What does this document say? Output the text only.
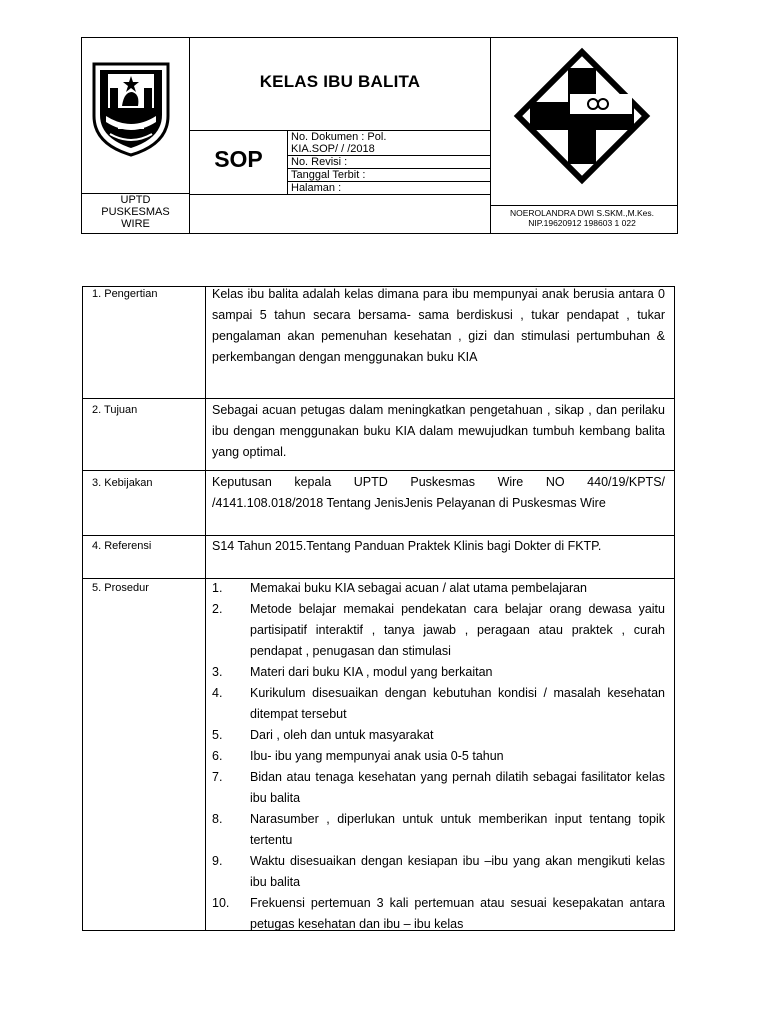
KELAS IBU BALITA
SOP
No. Dokumen : Pol.
KIA.SOP/ / /2018
No. Revisi :
Tanggal Terbit :
Halaman :
UPTD
PUSKESMAS
WIRE
NOEROLANDRA DWI S.SKM.,M.Kes.
NIP.19620912 198603 1 022
1. Pengertian	Kelas ibu balita adalah kelas dimana para ibu mempunyai anak berusia antara 0 sampai 5 tahun secara bersama- sama berdiskusi , tukar pendapat , tukar pengalaman akan pemenuhan kesehatan , gizi dan stimulasi pertumbuhan & perkembangan dengan menggunakan buku KIA

2. Tujuan	Sebagai acuan petugas dalam meningkatkan pengetahuan , sikap , dan perilaku ibu dengan menggunakan buku KIA dalam mewujudkan tumbuh kembang balita yang optimal.

3. Kebijakan	Keputusan kepala UPTD Puskesmas Wire NO 440/19/KPTS/ /4141.108.018/2018 Tentang JenisJenis Pelayanan di Puskesmas Wire

4. Referensi	S14 Tahun 2015.Tentang Panduan Praktek Klinis bagi Dokter di FKTP.

5. Prosedur	1.	Memakai buku KIA sebagai acuan / alat utama pembelajaran
2.	Metode belajar memakai pendekatan cara belajar orang dewasa yaitu partisipatif interaktif , tanya jawab , peragaan atau praktek , curah pendapat , penugasan dan stimulasi
3.	Materi dari buku KIA , modul yang berkaitan
4.	Kurikulum disesuaikan dengan kebutuhan kondisi / masalah kesehatan ditempat tersebut
5.	Dari , oleh dan untuk masyarakat
6.	Ibu- ibu yang mempunyai anak usia 0-5 tahun
7.	Bidan atau tenaga kesehatan yang pernah dilatih sebagai fasilitator kelas ibu balita
8.	Narasumber , diperlukan untuk untuk memberikan input tentang topik tertentu
9.	Waktu disesuaikan dengan kesiapan ibu –ibu yang akan mengikuti kelas ibu balita
10.	Frekuensi pertemuan 3 kali pertemuan atau sesuai kesepakatan antara petugas kesehatan dan ibu – ibu kelas
